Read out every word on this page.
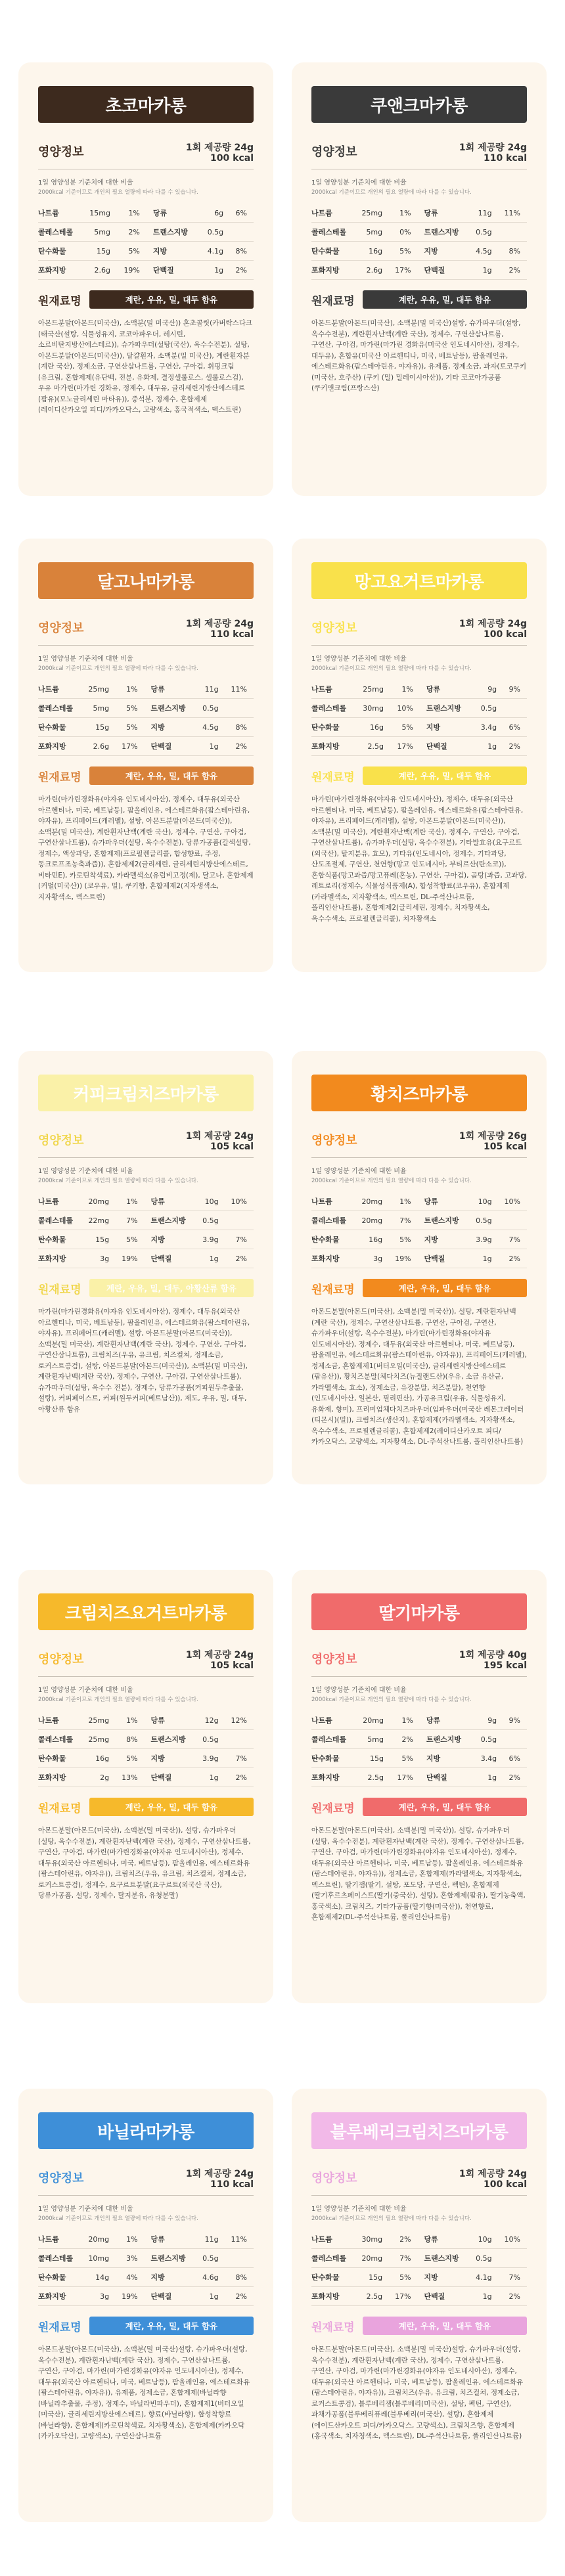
초코마카롱
영양정보	1회 제공량 24g
100 kcal
1일 영양성분 기준치에 대한 비율
2000kcal 기준이므로 개인의 필요 열량에 따라 다를 수 있습니다.
나트륨	15mg	1%	당류	6g	6%
콜레스테롤	5mg	2%	트랜스지방	0.5g	
탄수화물	15g	5%	지방	4.1g	8%
포화지방	2.6g	19%	단백질	1g	2%
원재료명	계란, 우유, 밀, 대두 함유
아몬드분말(아몬드(미국산), 소맥분(밀 미국산)) 혼초콜릿(카버락스다크(태국산(설탕, 식물성유지, 코코아파우더, 레시틴, 소르비탄지방산에스테르)), 슈가파우더(설탕(국산), 옥수수전분), 설탕, 아몬드분말(아몬드(미국산)), 달걀흰자, 소맥분(밀 미국산), 계란흰자분(계란 국산), 정제소금, 구연산삼나트륨, 구연산, 구아검, 휘핑크림(유크림, 혼합제제(유단백, 전분, 유화제, 결정셀룰로스, 셀룰로스검), 우유 마가린(마가린 경화유, 정제수, 대두유, 글리세린지방산에스테르(팜유)(모노글리세린 마타유)), 중석분, 정제수, 혼합제제(레이디산카오일 피디/카카오닥스, 고량색소, 홍국적색소, 덱스트린)
쿠앤크마카롱
영양정보	1회 제공량 24g
110 kcal
1일 영양성분 기준치에 대한 비율
2000kcal 기준이므로 개인의 필요 열량에 따라 다를 수 있습니다.
나트륨	25mg	1%	당류	11g	11%
콜레스테롤	5mg	0%	트랜스지방	0.5g	
탄수화물	16g	5%	지방	4.5g	8%
포화지방	2.6g	17%	단백질	1g	2%
원재료명	계란, 우유, 밀, 대두 함유
아몬드분말(아몬드(미국산), 소맥분(밀 미국산)설탕, 슈가파우더(설탕, 옥수수전분), 계란흰자난백(계란 국산), 정제수, 구연산삼나트륨, 구연산, 구아검, 마가린(마가린 경화유(미국산 인도네시아산), 정제수, 대두유), 혼합유(미국산 아르헨티나, 미국, 베트남등), 팜올레인유, 에스테르화유(팜스테아린유, 야자유)), 유제품, 정제소금, 과자(토코쿠키(미국산, 호주산) (쿠키 (밀) 밀레이시아산)), 기타 코코아가공품(쿠키앤크림(프랑스산)
달고나마카롱
영양정보	1회 제공량 24g
110 kcal
1일 영양성분 기준치에 대한 비율
2000kcal 기준이므로 개인의 필요 열량에 따라 다를 수 있습니다.
나트륨	25mg	1%	당류	11g	11%
콜레스테롤	5mg	5%	트랜스지방	0.5g	
탄수화물	15g	5%	지방	4.5g	8%
포화지방	2.6g	17%	단백질	1g	2%
원재료명	계란, 우유, 밀, 대두 함유
마가린(마가린경화유(야자유 인도네시아산), 정제수, 대두유(외국산 아르헨티나, 미국, 베트남등), 팜올레인유, 에스테르화유(팜스테아린유, 야자유), 프리페어드(캐러멜), 설탕, 아몬드분말(아몬드(미국산)), 소맥분(밀 미국산), 계란흰자난백(계란 국산), 정제수, 구연산, 구아검, 구연산삼나트륨), 슈가파우더(설탕, 옥수수전분), 당류가공품(갈색설탕, 정제수, 액상과당, 혼합제제(프로필렌글리콜, 합성향료, 주정, 동크로프조농축과즙)), 혼합제제2(글리세린, 글리세린지방산에스테르, 비타민E), 카로틴착색료), 카라멜색소(유럽비고정(제), 달고나, 혼합제제(커벌(미국산)) (코우유, 밀), 쿠키향, 혼합제제2(지자생색소, 지자황색소, 덱스트린)
망고요거트마카롱
영양정보	1회 제공량 24g
100 kcal
1일 영양성분 기준치에 대한 비율
2000kcal 기준이므로 개인의 필요 열량에 따라 다를 수 있습니다.
나트륨	25mg	1%	당류	9g	9%
콜레스테롤	30mg	10%	트랜스지방	0.5g	
탄수화물	16g	5%	지방	3.4g	6%
포화지방	2.5g	17%	단백질	1g	2%
원재료명	계란, 우유, 밀, 대두 함유
마가린(마가린경화유(야자유 인도네시아산), 정제수, 대두유(외국산 아르헨티나, 미국, 베트남등), 팜올레인유, 에스테르화유(팜스테아린유, 야자유), 프리페어드(캐러멜), 설탕, 아몬드분말(아몬드(미국산)), 소맥분(밀 미국산), 계란흰자난백(계란 국산), 정제수, 구연산, 구아검, 구연산삼나트륨), 슈가파우더(설탕, 옥수수전분), 기타발효유(요구르트(외국산), 탈지분유, 효모), 기타유(인도네시아, 정제수, 기타과당, 산도조절제, 구연산, 천연향(망고 인도네시아, 부티르산(탄소코)), 혼합식품(망고과즙/망고퓨레(혼농), 구연산, 구아검), 곰탕(과즙, 고과당, 레트로리(정제수, 식물성식품제(A), 합성착향료(코우유), 혼합제제(카라멜색소, 지자황색소, 덱스트린, DL-주석산나트륨, 폴리인산나트륨), 혼합제제2(글리세린, 정제수, 치자황색소, 옥수수색소, 프로필렌글리콜), 치자황색소
커피크림치즈마카롱
영양정보	1회 제공량 24g
105 kcal
1일 영양성분 기준치에 대한 비율
2000kcal 기준이므로 개인의 필요 열량에 따라 다를 수 있습니다.
나트륨	20mg	1%	당류	10g	10%
콜레스테롤	22mg	7%	트랜스지방	0.5g	
탄수화물	15g	5%	지방	3.9g	7%
포화지방	3g	19%	단백질	1g	2%
원재료명	계란, 우유, 밀, 대두, 아황산류 함유
마가린(마가린경화유(야자유 인도네시아산), 정제수, 대두유(외국산 아르헨티나, 미국, 베트남등), 팜올레인유, 에스테르화유(팜스테아린유, 야자유), 프리페어드(캐러멜), 설탕, 아몬드분말(아몬드(미국산)), 소맥분(밀 미국산), 계란흰자난백(계란 국산), 정제수, 구연산, 구아검, 구연산삼나트륨), 크림치즈(우유, 유크림, 치즈컬쳐, 정제소금, 로커스트콩검), 설탕, 아몬드분말(아몬드(미국산)), 소맥분(밀 미국산), 계란흰자난백(계란 국산), 정제수, 구연산, 구아검, 구연산삼나트륨), 슈가파우더(설탕, 옥수수 전분), 정제수, 당류가공품(커피원두추출물, 설탕), 커피페이스트, 커피(원두커피(베트남산)), 제도, 우유, 밀, 대두, 아황산류 함유
황치즈마카롱
영양정보	1회 제공량 26g
105 kcal
1일 영양성분 기준치에 대한 비율
2000kcal 기준이므로 개인의 필요 열량에 따라 다를 수 있습니다.
나트륨	20mg	1%	당류	10g	10%
콜레스테롤	20mg	7%	트랜스지방	0.5g	
탄수화물	16g	5%	지방	3.9g	7%
포화지방	3g	19%	단백질	1g	2%
원재료명	계란, 우유, 밀, 대두 함유
아몬드분말(아몬드(미국산), 소맥분(밀 미국산)), 설탕, 계란흰자난백(계란 국산), 정제수, 구연산삼나트륨, 구연산, 구아검, 구연산, 슈가파우더(설탕, 옥수수전분), 마가린(마가린경화유(야자유 인도네시아산), 정제수, 대두유(외국산 아르헨티나, 미국, 베트남등), 팜올레인유, 에스테르화유(팜스테아린유, 야자유)), 프리페어드(캐러멜), 정제소금, 혼합제제1(버터오일(미국산), 글리세린지방산에스테르(팜유산)), 황치즈분말(체다치즈(뉴질랜드산)(우유, 소금 유산균, 카라멜색소, 효소), 정제소금, 유장분말, 치즈분말), 천연향(인도네시아산, 일본산, 필리핀산), 가공유크림(우유, 식물성유지, 유화제, 향미), 프리미엄체다치즈파우더(임파우더(미국산 레몬그레이터(티몬시)(밀)), 크림치즈(생산지), 혼합제제(카라멜색소, 지자황색소, 옥수수색소, 프로필렌글리콜), 혼합제제2(레이디산카오트 피디/카카오닥스, 고량색소, 지자황색소, DL-주석산나트륨, 폴리인산나트륨)
크림치즈요거트마카롱
영양정보	1회 제공량 24g
105 kcal
1일 영양성분 기준치에 대한 비율
2000kcal 기준이므로 개인의 필요 열량에 따라 다를 수 있습니다.
나트륨	25mg	1%	당류	12g	12%
콜레스테롤	25mg	8%	트랜스지방	0.5g	
탄수화물	16g	5%	지방	3.9g	7%
포화지방	2g	13%	단백질	1g	2%
원재료명	계란, 우유, 밀, 대두 함유
아몬드분말(아몬드(미국산), 소맥분(밀 미국산)), 설탕, 슈가파우더(설탕, 옥수수전분), 계란흰자난백(계란 국산), 정제수, 구연산삼나트륨, 구연산, 구아검, 마가린(마가린경화유(야자유 인도네시아산), 정제수, 대두유(외국산 아르헨티나, 미국, 베트남등), 팜올레인유, 에스테르화유(팜스테아린유, 야자유)), 크림치즈(우유, 유크림, 치즈컬쳐, 정제소금, 로커스트콩검), 정제수, 요구르트분말(요구르트(외국산 국산), 당류가공품, 설탕, 정제수, 탈지분유, 유청분말)
딸기마카롱
영양정보	1회 제공량 40g
195 kcal
1일 영양성분 기준치에 대한 비율
2000kcal 기준이므로 개인의 필요 열량에 따라 다를 수 있습니다.
나트륨	20mg	1%	당류	9g	9%
콜레스테롤	5mg	2%	트랜스지방	0.5g	
탄수화물	15g	5%	지방	3.4g	6%
포화지방	2.5g	17%	단백질	1g	2%
원재료명	계란, 우유, 밀, 대두 함유
아몬드분말(아몬드(미국산), 소맥분(밀 미국산)), 설탕, 슈가파우더(설탕, 옥수수전분), 계란흰자난백(계란 국산), 정제수, 구연산삼나트륨, 구연산, 구아검, 마가린(마가린경화유(야자유 인도네시아산), 정제수, 대두유(외국산 아르헨티나, 미국, 베트남등), 팜올레인유, 에스테르화유(팜스테아린유, 야자유)), 정제소금, 혼합제제(카라멜색소, 지자황색소, 덱스트린), 딸기잼(딸기, 설탕, 포도당, 구연산, 펙틴), 혼합제제(딸기후르츠페이스트(딸기(중국산), 설탕), 혼합제제(팜유), 딸기농축액, 홍국색소), 크림치즈, 기타가공품(딸기향(미국산)), 천연향료, 혼합제제2(DL-주석산나트륨, 폴리인산나트륨)
바닐라마카롱
영양정보	1회 제공량 24g
110 kcal
1일 영양성분 기준치에 대한 비율
2000kcal 기준이므로 개인의 필요 열량에 따라 다를 수 있습니다.
나트륨	20mg	1%	당류	11g	11%
콜레스테롤	10mg	3%	트랜스지방	0.5g	
탄수화물	14g	4%	지방	4.6g	8%
포화지방	3g	19%	단백질	1g	2%
원재료명	계란, 우유, 밀, 대두 함유
아몬드분말(아몬드(미국산), 소맥분(밀 미국산)설탕, 슈가파우더(설탕, 옥수수전분), 계란흰자난백(계란 국산), 정제수, 구연산삼나트륨, 구연산, 구아검, 마가린(마가린경화유(야자유 인도네시아산), 정제수, 대두유(외국산 아르헨티나, 미국, 베트남등), 팜올레인유, 에스테르화유(팜스테아린유, 야자유)), 유제품, 정제소금, 혼합제제(바닐라향(바닐라추출물, 주정), 정제수, 바닐라빈파우더), 혼합제제1(버터오일(미국산), 글리세린지방산에스테르), 향료(바닐라향), 합성착향료(바닐라향), 혼합제제(카로틴착색료, 치자황색소), 혼합제제(카카오닥(카카오닥산), 고량색소), 구연산삼나트륨
블루베리크림치즈마카롱
영양정보	1회 제공량 24g
100 kcal
1일 영양성분 기준치에 대한 비율
2000kcal 기준이므로 개인의 필요 열량에 따라 다를 수 있습니다.
나트륨	30mg	2%	당류	10g	10%
콜레스테롤	20mg	7%	트랜스지방	0.5g	
탄수화물	15g	5%	지방	4.1g	7%
포화지방	2.5g	17%	단백질	1g	2%
원재료명	계란, 우유, 밀, 대두 함유
아몬드분말(아몬드(미국산), 소맥분(밀 미국산)설탕, 슈가파우더(설탕, 옥수수전분), 계란흰자난백(계란 국산), 정제수, 구연산삼나트륨, 구연산, 구아검, 마가린(마가린경화유(야자유 인도네시아산), 정제수, 대두유(외국산 아르헨티나, 미국, 베트남등), 팜올레인유, 에스테르화유(팜스테아린유, 야자유)), 크림치즈(우유, 유크림, 치즈컬쳐, 정제소금, 로커스트콩검), 블루베리잼(블루베리(미국산), 설탕, 펙틴, 구연산), 과채가공품(블루베리퓨레(블루베리(미국산), 설탕), 혼합제제(에이드산카오트 피디/카카오닥스, 고량색소), 크림치즈향, 혼합제제(홍국색소, 치자청색소, 덱스트린), DL-주석산나트륨, 폴리인산나트륨)
